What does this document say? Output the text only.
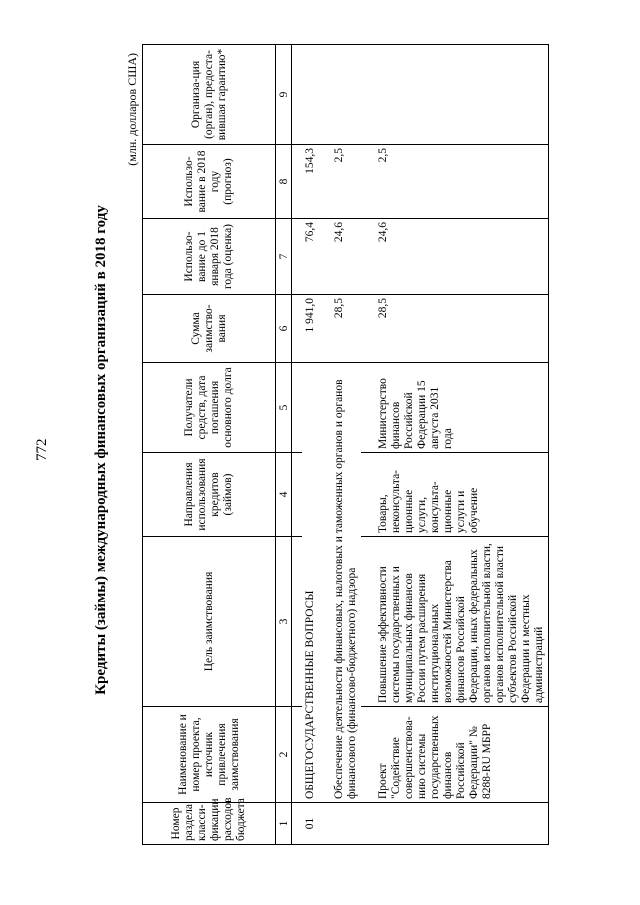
772	Кредиты (займы) международных финансовых организаций в 2018 году
(млн. долларов США)
Номер раздела класси-фикации расходов бюджета	Наименование и номер проекта, источник привлечения заимствования	Цель заимствования	Направления использования кредитов (займов)	Получатели средств, дата погашения основного долга	Сумма заимство-вания	Использо-вание до 1 января 2018 года (оценка)	Использо-вание в 2018 году (прогноз)	Организа-ция (орган), предоста-вившая гарантию*
1	2	3	4	5	6	7	8	9

01	ОБЩЕГОСУДАРСТВЕННЫЕ ВОПРОСЫ				1 941,0	76,4	154,3	
	Обеспечение деятельности финансовых, налоговых и таможенных органов и органов финансового (финансово-бюджетного) надзора				28,5	24,6	2,5	
	Проект "Содействие совершенствова-нию системы государственных финансов Российской Федерации" № 8288-RU МБРР	Повышение эффективности системы государственных и муниципальных финансов России путем расширения институциональных возможностей Министерства финансов Российской Федерации, иных федеральных органов исполнительной власти, органов исполнительной власти субъектов Российской Федерации и местных администраций	Товары, неконсульта-ционные услуги, консульта-ционные услуги и обучение	Министерство финансов Российской Федерации 15 августа 2031 года	28,5	24,6	2,5	
